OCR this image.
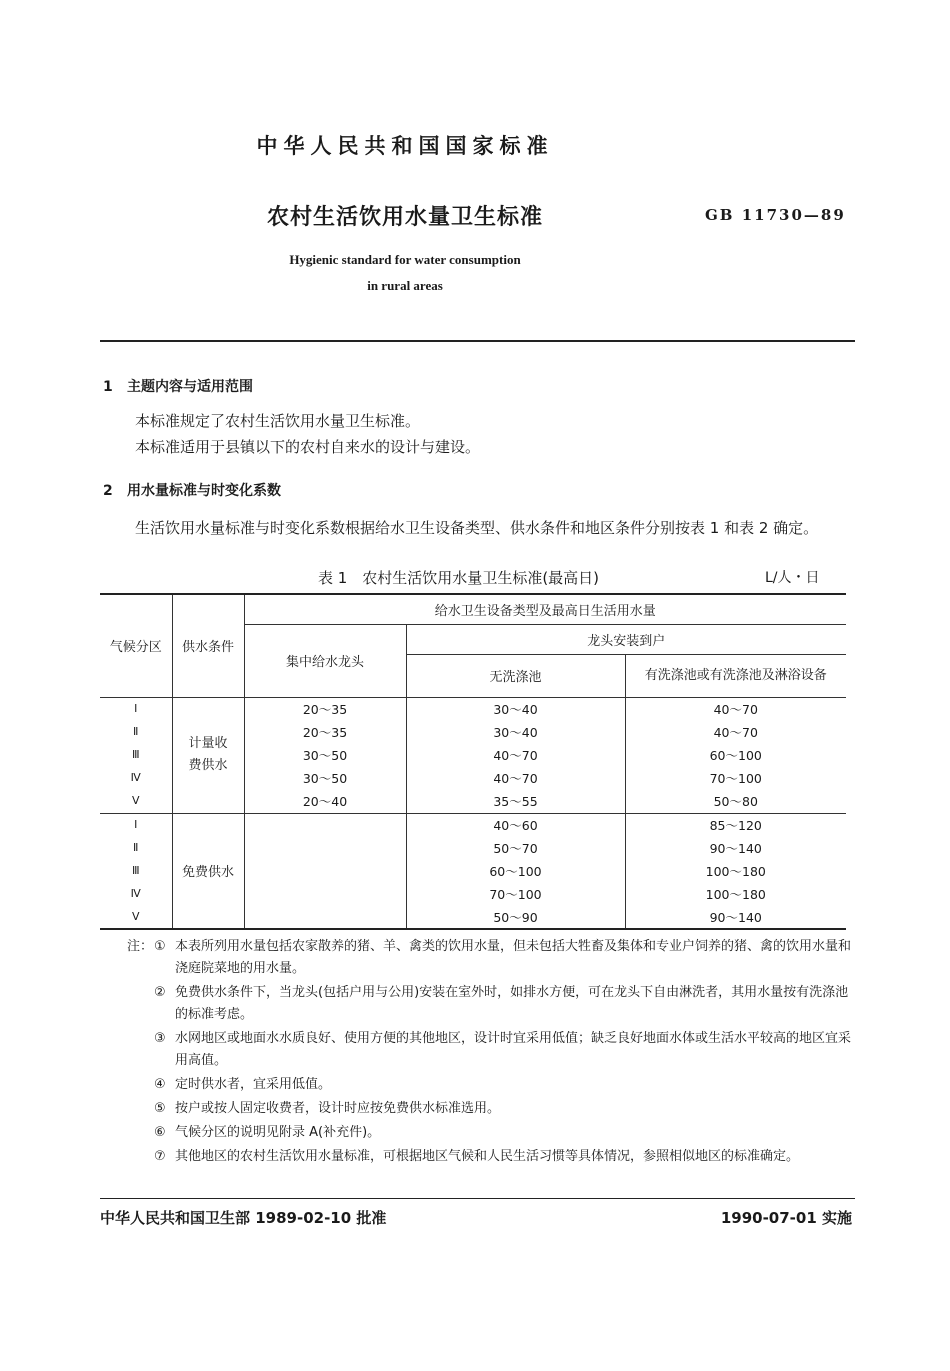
中华人民共和国国家标准
农村生活饮用水量卫生标准	GB 11730—89
Hygienic standard for water consumption
in rural areas
1 主题内容与适用范围
本标准规定了农村生活饮用水量卫生标准。
本标准适用于县镇以下的农村自来水的设计与建设。
2 用水量标准与时变化系数
生活饮用水量标准与时变化系数根据给水卫生设备类型、供水条件和地区条件分别按表 1 和表 2 确定。
表 1　农村生活饮用水量卫生标准(最高日)	L/人・日
气候分区	供水条件	给水卫生设备类型及最高日生活用水量		
		集中给水龙头	龙头安装到户	
			无洗涤池	有洗涤池或有洗涤池及淋浴设备
Ⅰ	计量收费供水	20～35	30～40	40～70
Ⅱ		20～35	30～40	40～70
Ⅲ		30～50	40～70	60～100
Ⅳ		30～50	40～70	70～100
Ⅴ		20～40	35～55	50～80
Ⅰ	免费供水		40～60	85～120
Ⅱ			50～70	90～140
Ⅲ			60～100	100～180
Ⅳ			70～100	100～180
Ⅴ			50～90	90～140
注： ① 本表所列用水量包括农家散养的猪、羊、禽类的饮用水量，但未包括大牲畜及集体和专业户饲养的猪、禽的饮用水量和浇庭院菜地的用水量。
② 免费供水条件下，当龙头(包括户用与公用)安装在室外时，如排水方便，可在龙头下自由淋洗者，其用水量按有洗涤池的标准考虑。
③ 水网地区或地面水水质良好、使用方便的其他地区，设计时宜采用低值；缺乏良好地面水体或生活水平较高的地区宜采用高值。
④ 定时供水者，宜采用低值。
⑤ 按户或按人固定收费者，设计时应按免费供水标准选用。
⑥ 气候分区的说明见附录 A(补充件)。
⑦ 其他地区的农村生活饮用水量标准，可根据地区气候和人民生活习惯等具体情况，参照相似地区的标准确定。
中华人民共和国卫生部 1989-02-10 批准	1990-07-01 实施
